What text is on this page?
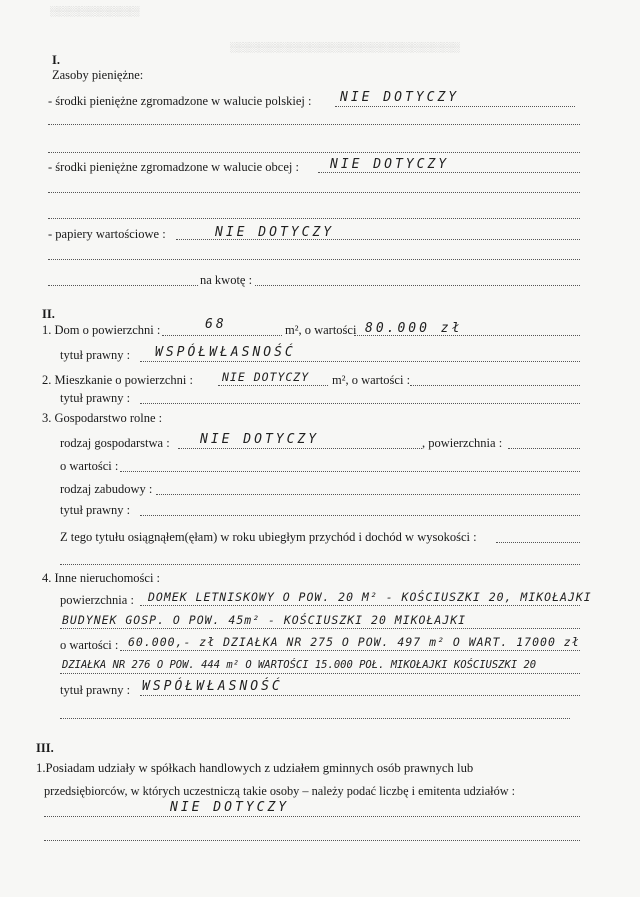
░░░░░░░░░░░░░░
░░░░░░░░░░░░░░░░░░░░░░░░░░░░░░░░░░░░
I.
Zasoby pieniężne:
- środki pieniężne zgromadzone w walucie polskiej : NIE DOTYCZY
- środki pieniężne zgromadzone w walucie obcej : NIE DOTYCZY
- papiery wartościowe :	NIE DOTYCZY
na kwotę :
II.
1. Dom o powierzchni :	68	m², o wartości 80.000 zł
tytuł prawny : WSPÓŁWŁASNOŚĆ
2. Mieszkanie o powierzchni :	NIE DOTYCZY m², o wartości :
tytuł prawny :
3. Gospodarstwo rolne :
rodzaj gospodarstwa : NIE DOTYCZY	, powierzchnia :
o wartości :
rodzaj zabudowy :
tytuł prawny :
Z tego tytułu osiągnąłem(ęłam) w roku ubiegłym przychód i dochód w wysokości :
4. Inne nieruchomości :
powierzchnia : DOMEK LETNISKOWY O POW. 20 M² - KOŚCIUSZKI 20, MIKOŁAJKI
BUDYNEK GOSP. O POW. 45m² - KOŚCIUSZKI 20 MIKOŁAJKI
o wartości : 60.000,- zł DZIAŁKA NR 275 O POW. 497 m² O WART. 17000 zł
DZIAŁKA NR 276 O POW. 444 m² O WARTOŚCI 15.000 POŁ. MIKOŁAJKI KOŚCIUSZKI 20
tytuł prawny : WSPÓŁWŁASNOŚĆ
III.
1.Posiadam udziały w spółkach handlowych z udziałem gminnych osób prawnych lub
przedsiębiorców, w których uczestniczą takie osoby – należy podać liczbę i emitenta udziałów :
NIE DOTYCZY
